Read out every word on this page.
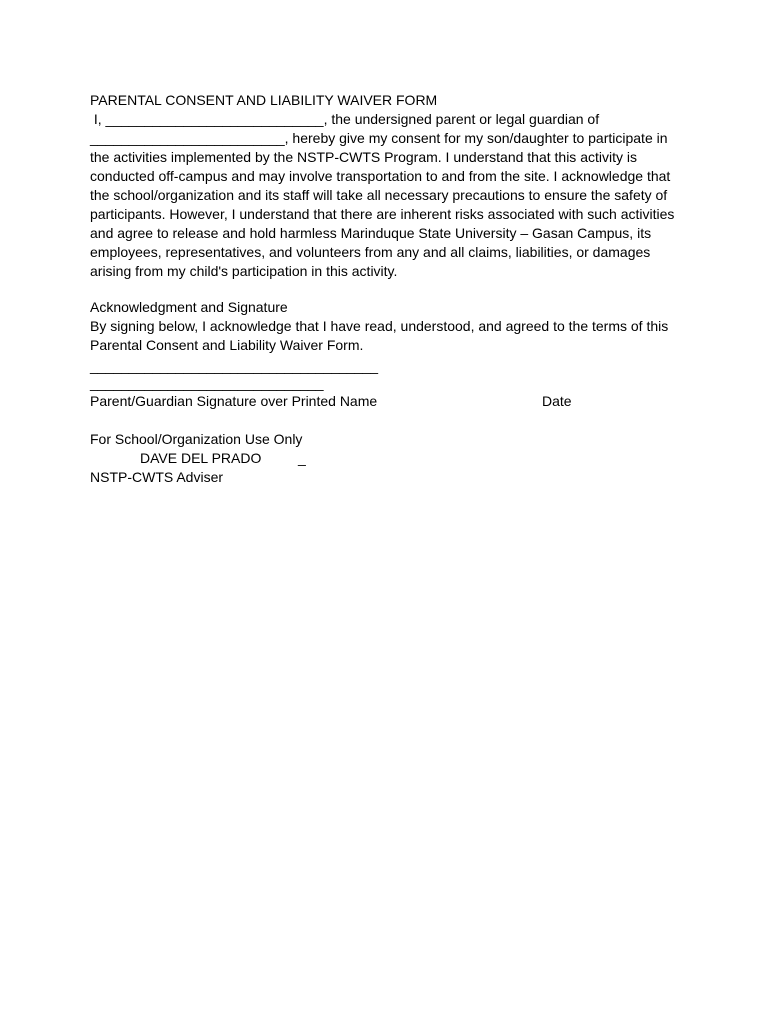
PARENTAL CONSENT AND LIABILITY WAIVER FORM
I, ____________________________, the undersigned parent or legal guardian of
_________________________, hereby give my consent for my son/daughter to participate in
the activities implemented by the NSTP-CWTS Program. I understand that this activity is
conducted off-campus and may involve transportation to and from the site. I acknowledge that
the school/organization and its staff will take all necessary precautions to ensure the safety of
participants. However, I understand that there are inherent risks associated with such activities
and agree to release and hold harmless Marinduque State University – Gasan Campus, its
employees, representatives, and volunteers from any and all claims, liabilities, or damages
arising from my child's participation in this activity.
Acknowledgment and Signature
By signing below, I acknowledge that I have read, understood, and agreed to the terms of this
Parental Consent and Liability Waiver Form.
_____________________________________
______________________________
Parent/Guardian Signature over Printed Name	Date
For School/Organization Use Only
DAVE DEL PRADO	_
NSTP-CWTS Adviser
